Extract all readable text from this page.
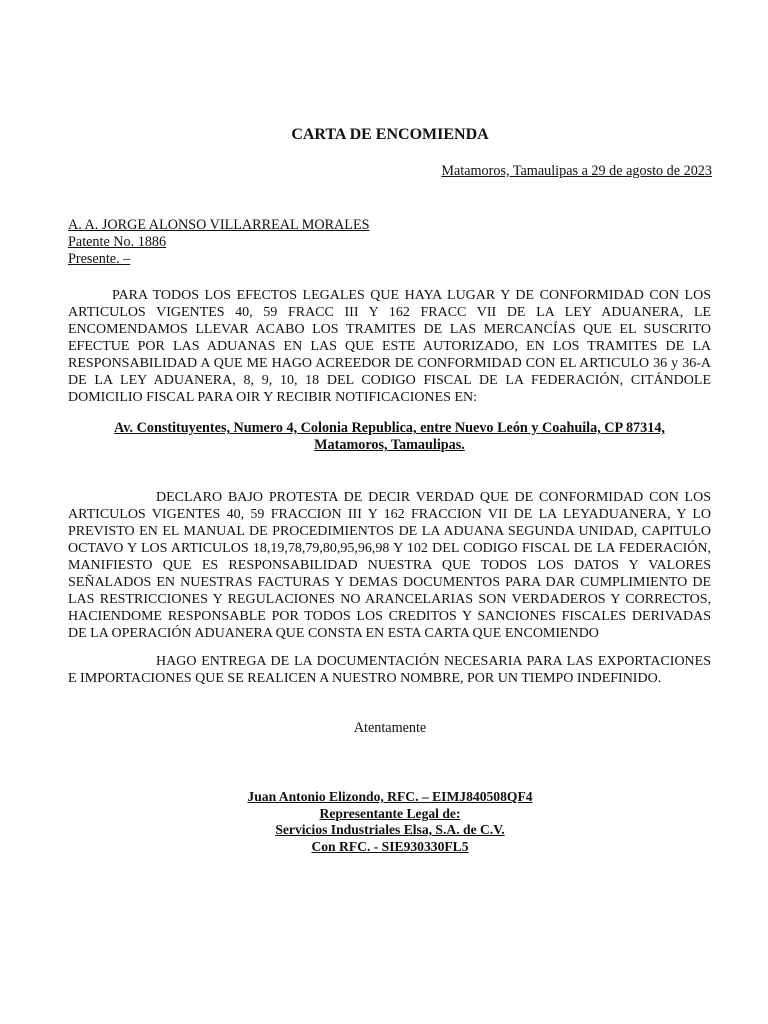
CARTA DE ENCOMIENDA
Matamoros, Tamaulipas a 29 de agosto de 2023
A. A. JORGE ALONSO VILLARREAL MORALES
Patente No. 1886
Presente. –
PARA TODOS LOS EFECTOS LEGALES QUE HAYA LUGAR Y DE CONFORMIDAD CON LOS ARTICULOS VIGENTES 40, 59 FRACC III Y 162 FRACC VII DE LA LEY ADUANERA, LE ENCOMENDAMOS LLEVAR ACABO LOS TRAMITES DE LAS MERCANCÍAS QUE EL SUSCRITO EFECTUE POR LAS ADUANAS EN LAS QUE ESTE AUTORIZADO, EN LOS TRAMITES DE LA RESPONSABILIDAD A QUE ME HAGO ACREEDOR DE CONFORMIDAD CON EL ARTICULO 36 y 36-A DE LA LEY ADUANERA, 8, 9, 10, 18 DEL CODIGO FISCAL DE LA FEDERACIÓN, CITÁNDOLE DOMICILIO FISCAL PARA OIR Y RECIBIR NOTIFICACIONES EN:
Av. Constituyentes, Numero 4, Colonia Republica, entre Nuevo León y Coahuila, CP 87314,
Matamoros, Tamaulipas.
DECLARO BAJO PROTESTA DE DECIR VERDAD QUE DE CONFORMIDAD CON LOS ARTICULOS VIGENTES 40, 59 FRACCION III Y 162 FRACCION VII DE LA LEYADUANERA, Y LO PREVISTO EN EL MANUAL DE PROCEDIMIENTOS DE LA ADUANA SEGUNDA UNIDAD, CAPITULO OCTAVO Y LOS ARTICULOS 18,19,78,79,80,95,96,98 Y 102 DEL CODIGO FISCAL DE LA FEDERACIÓN, MANIFIESTO QUE ES RESPONSABILIDAD NUESTRA QUE TODOS LOS DATOS Y VALORES SEÑALADOS EN NUESTRAS FACTURAS Y DEMAS DOCUMENTOS PARA DAR CUMPLIMIENTO DE LAS RESTRICCIONES Y REGULACIONES NO ARANCELARIAS SON VERDADEROS Y CORRECTOS, HACIENDOME RESPONSABLE POR TODOS LOS CREDITOS Y SANCIONES FISCALES DERIVADAS DE LA OPERACIÓN ADUANERA QUE CONSTA EN ESTA CARTA QUE ENCOMIENDO
HAGO ENTREGA DE LA DOCUMENTACIÓN NECESARIA PARA LAS EXPORTACIONES E IMPORTACIONES QUE SE REALICEN A NUESTRO NOMBRE, POR UN TIEMPO INDEFINIDO.
Atentamente
Juan Antonio Elizondo, RFC. – EIMJ840508QF4
Representante Legal de:
Servicios Industriales Elsa, S.A. de C.V.
Con RFC. - SIE930330FL5
